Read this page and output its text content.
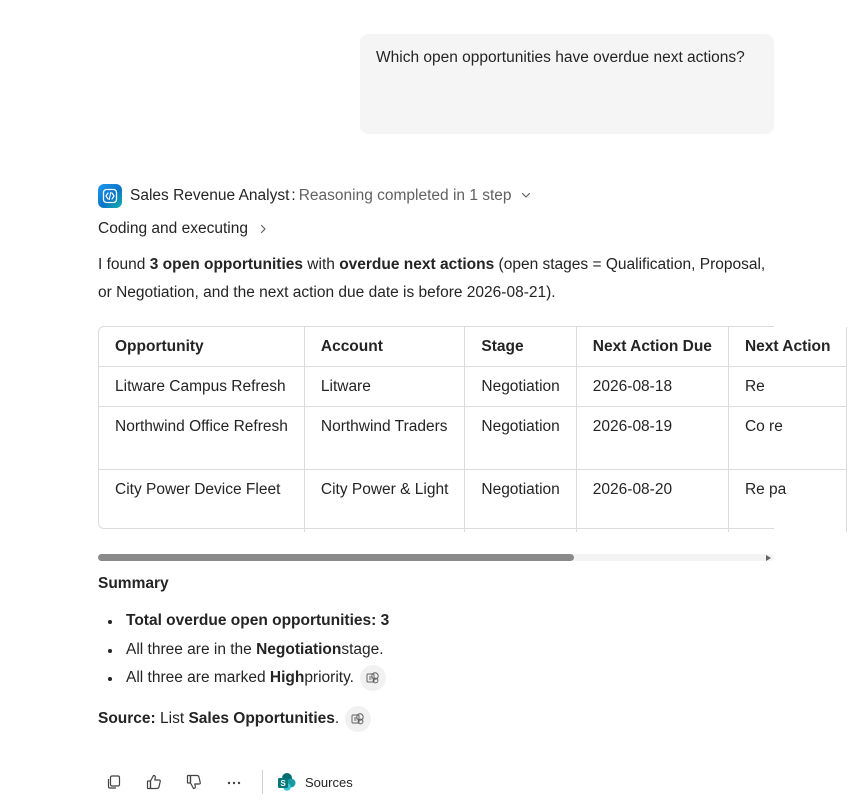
Which open opportunities have overdue next actions?
Sales Revenue Analyst : Reasoning completed in 1 step
Coding and executing

I found 3 open opportunities with overdue next actions (open stages = Qualification, Proposal, or Negotiation, and the next action due date is before 2026-08-21).

Opportunity	Account	Stage	Next Action Due	Next Action
Litware Campus Refresh	Litware	Negotiation	2026-08-18	Re
Northwind Office Refresh	Northwind Traders	Negotiation	2026-08-19	Co re
City Power Device Fleet	City Power & Light	Negotiation	2026-08-20	Re pa

Summary

Total overdue open opportunities: 3
All three are in the
Negotiation stage.
All three are marked
High priority.

Source: List Sales Opportunities .

S Sources
